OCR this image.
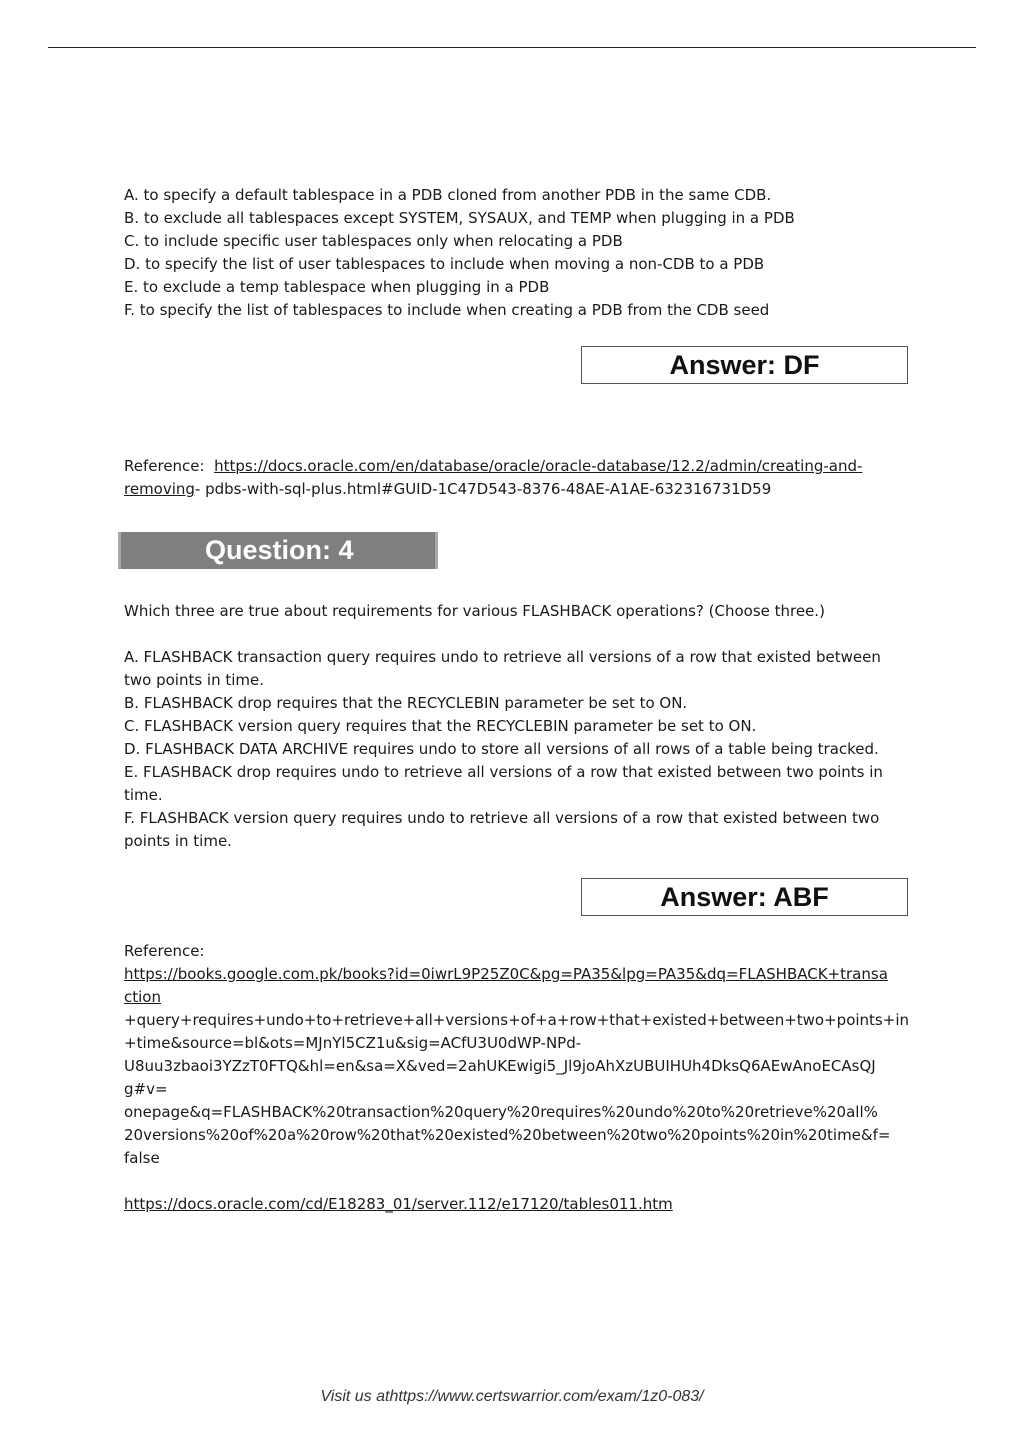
A. to specify a default tablespace in a PDB cloned from another PDB in the same CDB.
B. to exclude all tablespaces except SYSTEM, SYSAUX, and TEMP when plugging in a PDB
C. to include specific user tablespaces only when relocating a PDB
D. to specify the list of user tablespaces to include when moving a non-CDB to a PDB
E. to exclude a temp tablespace when plugging in a PDB
F. to specify the list of tablespaces to include when creating a PDB from the CDB seed
Answer: DF
Reference: https://docs.oracle.com/en/database/oracle/oracle-database/12.2/admin/creating-and-
removing- pdbs-with-sql-plus.html#GUID-1C47D543-8376-48AE-A1AE-632316731D59
Question: 4
Which three are true about requirements for various FLASHBACK operations? (Choose three.)
A. FLASHBACK transaction query requires undo to retrieve all versions of a row that existed between
two points in time.
B. FLASHBACK drop requires that the RECYCLEBIN parameter be set to ON.
C. FLASHBACK version query requires that the RECYCLEBIN parameter be set to ON.
D. FLASHBACK DATA ARCHIVE requires undo to store all versions of all rows of a table being tracked.
E. FLASHBACK drop requires undo to retrieve all versions of a row that existed between two points in
time.
F. FLASHBACK version query requires undo to retrieve all versions of a row that existed between two
points in time.
Answer: ABF
Reference:
https://books.google.com.pk/books?id=0iwrL9P25Z0C&pg=PA35&lpg=PA35&dq=FLASHBACK+transa
ction
+query+requires+undo+to+retrieve+all+versions+of+a+row+that+existed+between+two+points+in
+time&source=bl&ots=MJnYl5CZ1u&sig=ACfU3U0dWP-NPd-
U8uu3zbaoi3YZzT0FTQ&hl=en&sa=X&ved=2ahUKEwigi5_Jl9joAhXzUBUIHUh4DksQ6AEwAnoECAsQJ
g#v=
onepage&q=FLASHBACK%20transaction%20query%20requires%20undo%20to%20retrieve%20all%
20versions%20of%20a%20row%20that%20existed%20between%20two%20points%20in%20time&f=
false
https://docs.oracle.com/cd/E18283_01/server.112/e17120/tables011.htm
Visit us athttps://www.certswarrior.com/exam/1z0-083/
